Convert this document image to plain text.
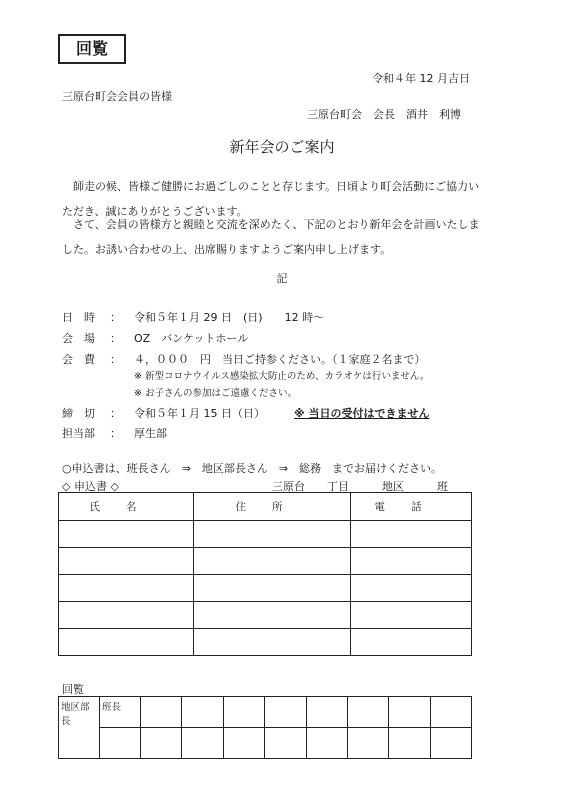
回覧
令和４年 12 月吉日
三原台町会会員の皆様
三原台町会　会長　酒井　利博
新年会のご案内
師走の候、皆様ご健勝にお過ごしのことと存じます。日頃より町会活動にご協力いただき、誠にありがとうございます。
さて、会員の皆様方と親睦と交流を深めたく、下記のとおり新年会を計画いたしました。お誘い合わせの上、出席賜りますようご案内申し上げます。
記
日　時	：	令和５年１月 29 日　(日)　　12 時～
会　場	：	OZ　バンケットホール
会　費	：	４，０００　円　当日ご持参ください。（１家庭２名まで）
※ 新型コロナウイルス感染拡大防止のため、カラオケは行いません。
※ お子さんの参加はご遠慮ください。
締　切	：	令和５年１月 15 日（日）	※ 当日の受付はできません
担当部	：	厚生部
○申込書は、班長さん　⇒　地区部長さん　⇒　総務　までお届けください。
◇ 申込書 ◇	三原台　　丁目　　　地区　　　班
氏名	住所	電話

回覧
地区部長	班長								
